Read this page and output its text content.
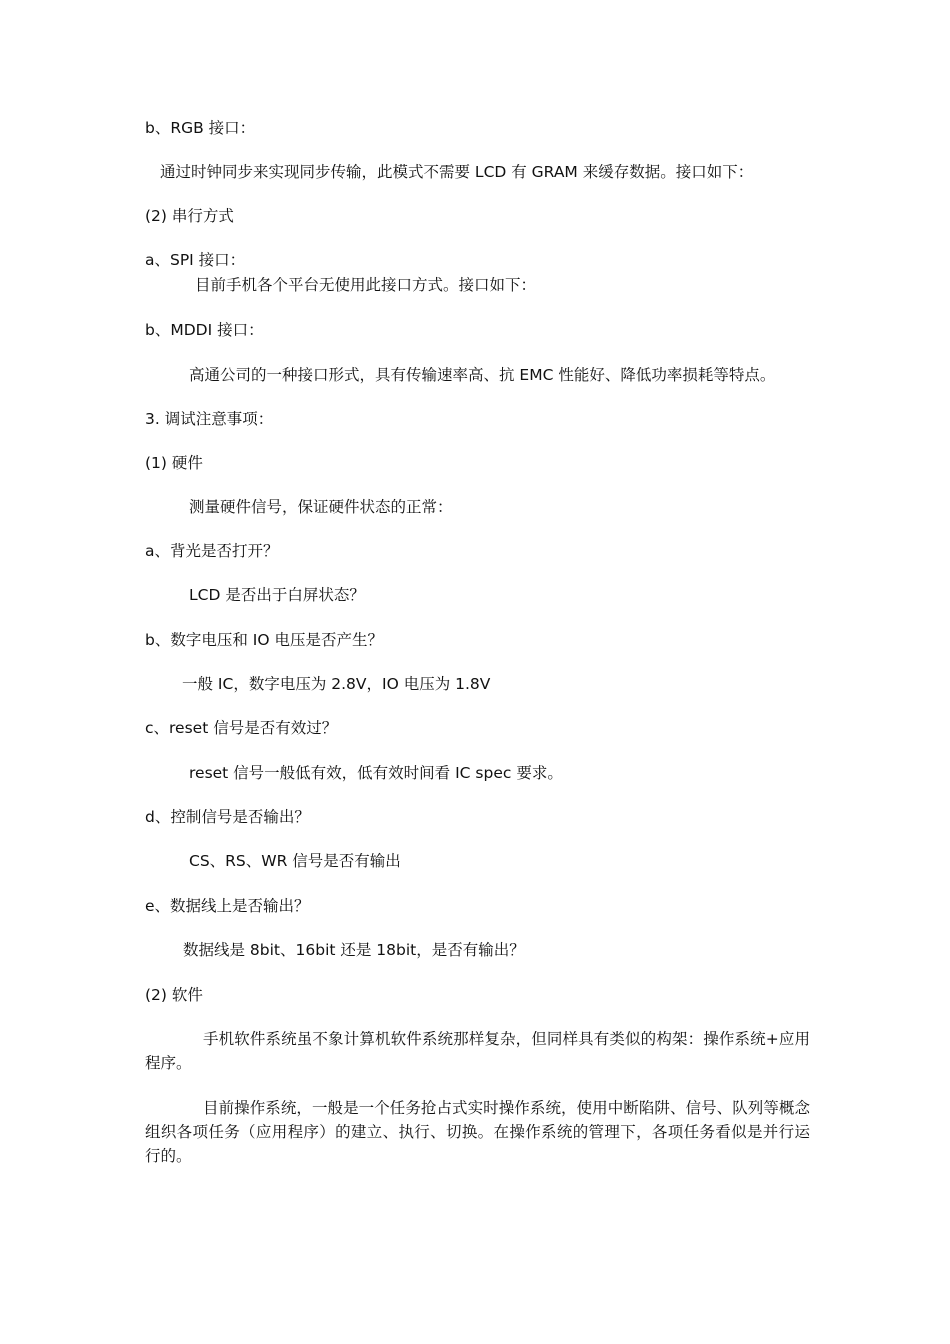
b、RGB 接口：
通过时钟同步来实现同步传输，此模式不需要 LCD 有 GRAM 来缓存数据。接口如下：
(2) 串行方式
a、SPI 接口：
目前手机各个平台无使用此接口方式。接口如下：
b、MDDI 接口：
高通公司的一种接口形式，具有传输速率高、抗 EMC 性能好、降低功率损耗等特点。
3. 调试注意事项：
(1) 硬件
测量硬件信号，保证硬件状态的正常：
a、背光是否打开？
LCD 是否出于白屏状态？
b、数字电压和 IO 电压是否产生？
一般 IC，数字电压为 2.8V，IO 电压为 1.8V
c、reset 信号是否有效过？
reset 信号一般低有效，低有效时间看 IC spec 要求。
d、控制信号是否输出？
CS、RS、WR 信号是否有输出
e、数据线上是否输出？
数据线是 8bit、16bit 还是 18bit，是否有输出？
(2) 软件
手机软件系统虽不象计算机软件系统那样复杂，但同样具有类似的构架：操作系统+应用程序。
目前操作系统，一般是一个任务抢占式实时操作系统，使用中断陷阱、信号、队列等概念组织各项任务（应用程序）的建立、执行、切换。在操作系统的管理下，各项任务看似是并行运行的。
